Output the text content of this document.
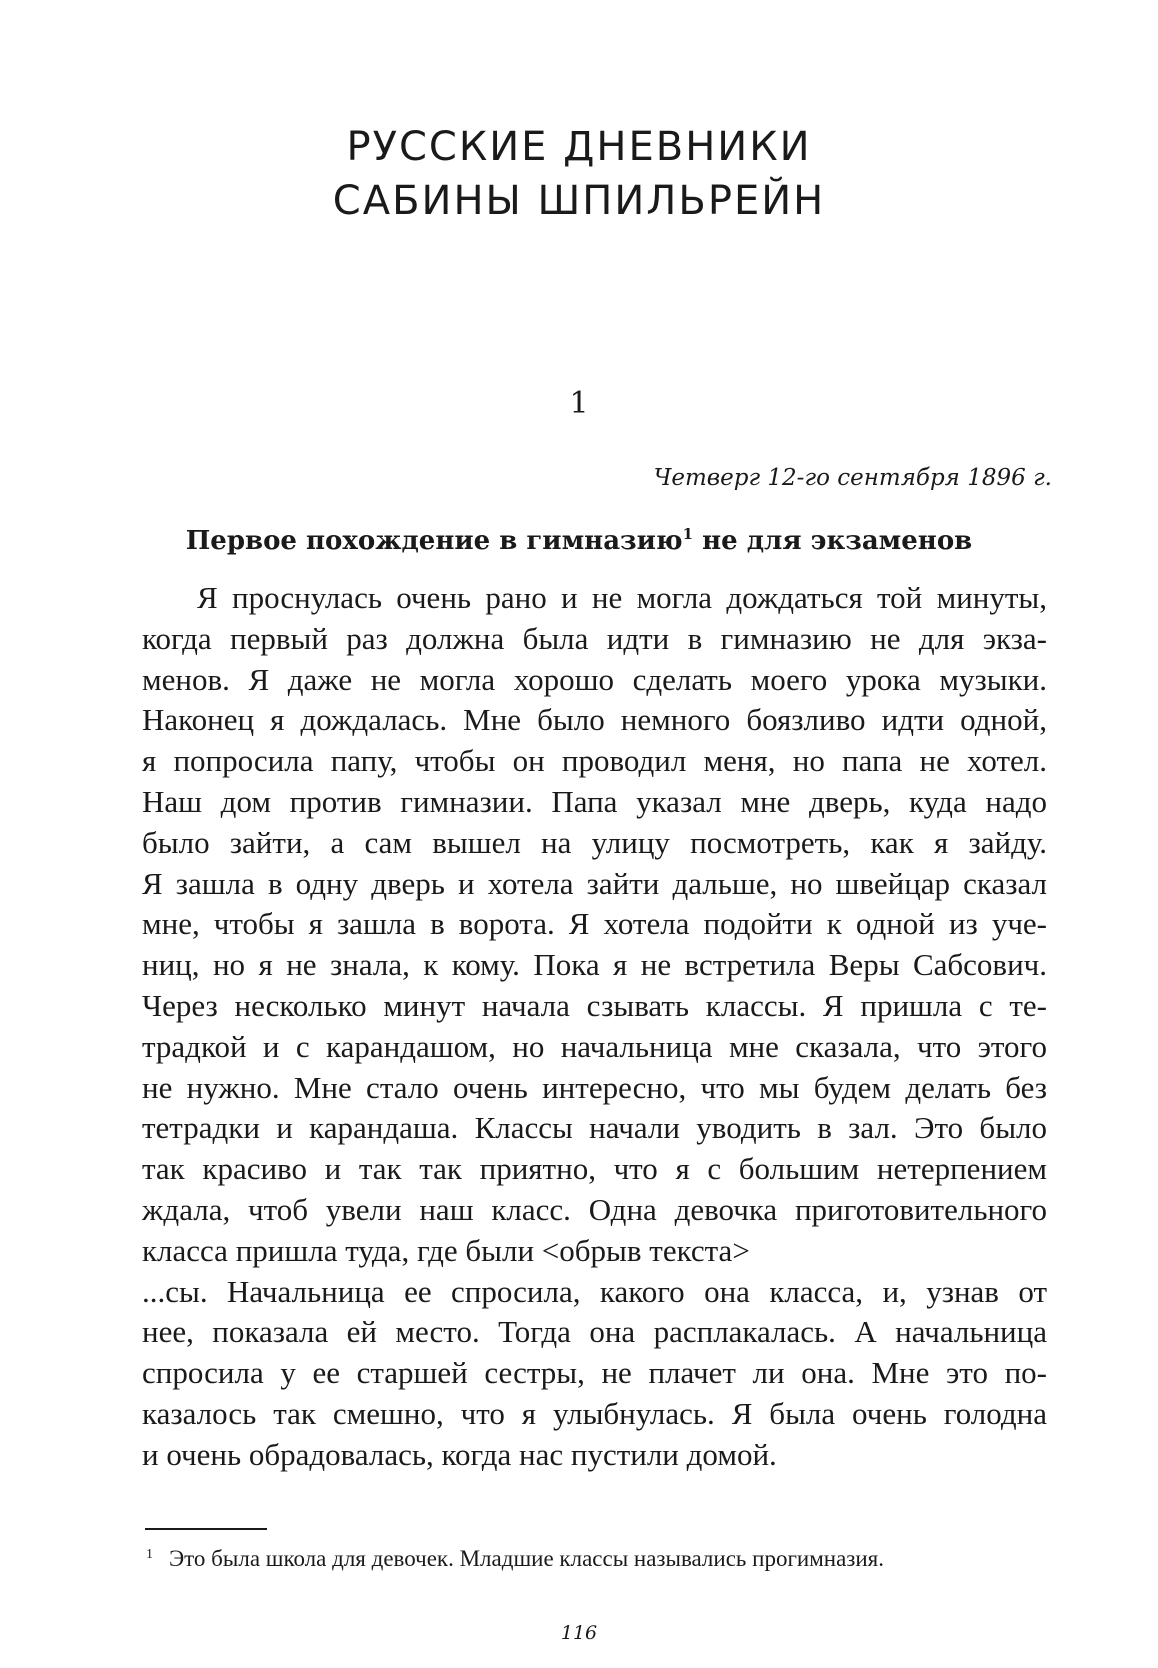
РУССКИЕ ДНЕВНИКИ
САБИНЫ ШПИЛЬРЕЙН
1
Четверг 12-го сентября 1896 г.
Первое похождение в гимназию$^1$ не для экзаменов
Я проснулась очень рано и не могла дождаться той минуты,
когда первый раз должна была идти в гимназию не для экза-
менов. Я даже не могла хорошо сделать моего урока музыки.
Наконец я дождалась. Мне было немного боязливо идти одной,
я попросила папу, чтобы он проводил меня, но папа не хотел.
Наш дом против гимназии. Папа указал мне дверь, куда надо
было зайти, а сам вышел на улицу посмотреть, как я зайду.
Я зашла в одну дверь и хотела зайти дальше, но швейцар сказал
мне, чтобы я зашла в ворота. Я хотела подойти к одной из уче-
ниц, но я не знала, к кому. Пока я не встретила Веры Сабсович.
Через несколько минут начала сзывать классы. Я пришла с те-
традкой и с карандашом, но начальница мне сказала, что этого
не нужно. Мне стало очень интересно, что мы будем делать без
тетрадки и карандаша. Классы начали уводить в зал. Это было
так красиво и так так приятно, что я с большим нетерпением
ждала, чтоб увели наш класс. Одна девочка приготовительного
класса пришла туда, где были <обрыв текста>
...сы. Начальница ее спросила, какого она класса, и, узнав от
нее, показала ей место. Тогда она расплакалась. А начальница
спросила у ее старшей сестры, не плачет ли она. Мне это по-
казалось так смешно, что я улыбнулась. Я была очень голодна
и очень обрадовалась, когда нас пустили домой.
$^1$ Это была школа для девочек. Младшие классы назывались прогимназия.
116
